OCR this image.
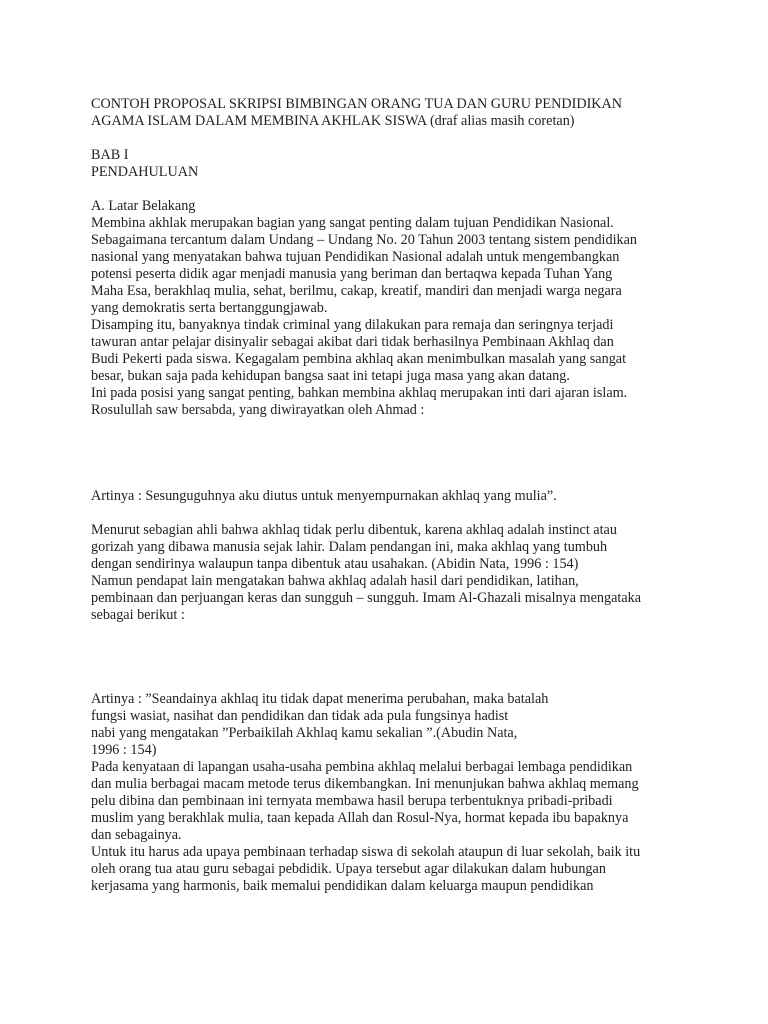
CONTOH PROPOSAL SKRIPSI BIMBINGAN ORANG TUA DAN GURU PENDIDIKAN
AGAMA ISLAM DALAM MEMBINA AKHLAK SISWA (draf alias masih coretan)
BAB I
PENDAHULUAN
A. Latar Belakang
Membina akhlak merupakan bagian yang sangat penting dalam tujuan Pendidikan Nasional.
Sebagaimana tercantum dalam Undang – Undang No. 20 Tahun 2003 tentang sistem pendidikan
nasional yang menyatakan bahwa tujuan Pendidikan Nasional adalah untuk mengembangkan
potensi peserta didik agar menjadi manusia yang beriman dan bertaqwa kepada Tuhan Yang
Maha Esa, berakhlaq mulia, sehat, berilmu, cakap, kreatif, mandiri dan menjadi warga negara
yang demokratis serta bertanggungjawab.
Disamping itu, banyaknya tindak criminal yang dilakukan para remaja dan seringnya terjadi
tawuran antar pelajar disinyalir sebagai akibat dari tidak berhasilnya Pembinaan Akhlaq dan
Budi Pekerti pada siswa. Kegagalam pembina akhlaq akan menimbulkan masalah yang sangat
besar, bukan saja pada kehidupan bangsa saat ini tetapi juga masa yang akan datang.
Ini pada posisi yang sangat penting, bahkan membina akhlaq merupakan inti dari ajaran islam.
Rosulullah saw bersabda, yang diwirayatkan oleh Ahmad :
Artinya : Sesunguguhnya aku diutus untuk menyempurnakan akhlaq yang mulia”.
Menurut sebagian ahli bahwa akhlaq tidak perlu dibentuk, karena akhlaq adalah instinct atau
gorizah yang dibawa manusia sejak lahir. Dalam pendangan ini, maka akhlaq yang tumbuh
dengan sendirinya walaupun tanpa dibentuk atau usahakan. (Abidin Nata, 1996 : 154)
Namun pendapat lain mengatakan bahwa akhlaq adalah hasil dari pendidikan, latihan,
pembinaan dan perjuangan keras dan sungguh – sungguh. Imam Al-Ghazali misalnya mengataka
sebagai berikut :
Artinya : ”Seandainya akhlaq itu tidak dapat menerima perubahan, maka batalah
fungsi wasiat, nasihat dan pendidikan dan tidak ada pula fungsinya hadist
nabi yang mengatakan ”Perbaikilah Akhlaq kamu sekalian ”.(Abudin Nata,
1996 : 154)
Pada kenyataan di lapangan usaha-usaha pembina akhlaq melalui berbagai lembaga pendidikan
dan mulia berbagai macam metode terus dikembangkan. Ini menunjukan bahwa akhlaq memang
pelu dibina dan pembinaan ini ternyata membawa hasil berupa terbentuknya pribadi-pribadi
muslim yang berakhlak mulia, taan kepada Allah dan Rosul-Nya, hormat kepada ibu bapaknya
dan sebagainya.
Untuk itu harus ada upaya pembinaan terhadap siswa di sekolah ataupun di luar sekolah, baik itu
oleh orang tua atau guru sebagai pebdidik. Upaya tersebut agar dilakukan dalam hubungan
kerjasama yang harmonis, baik memalui pendidikan dalam keluarga maupun pendidikan
